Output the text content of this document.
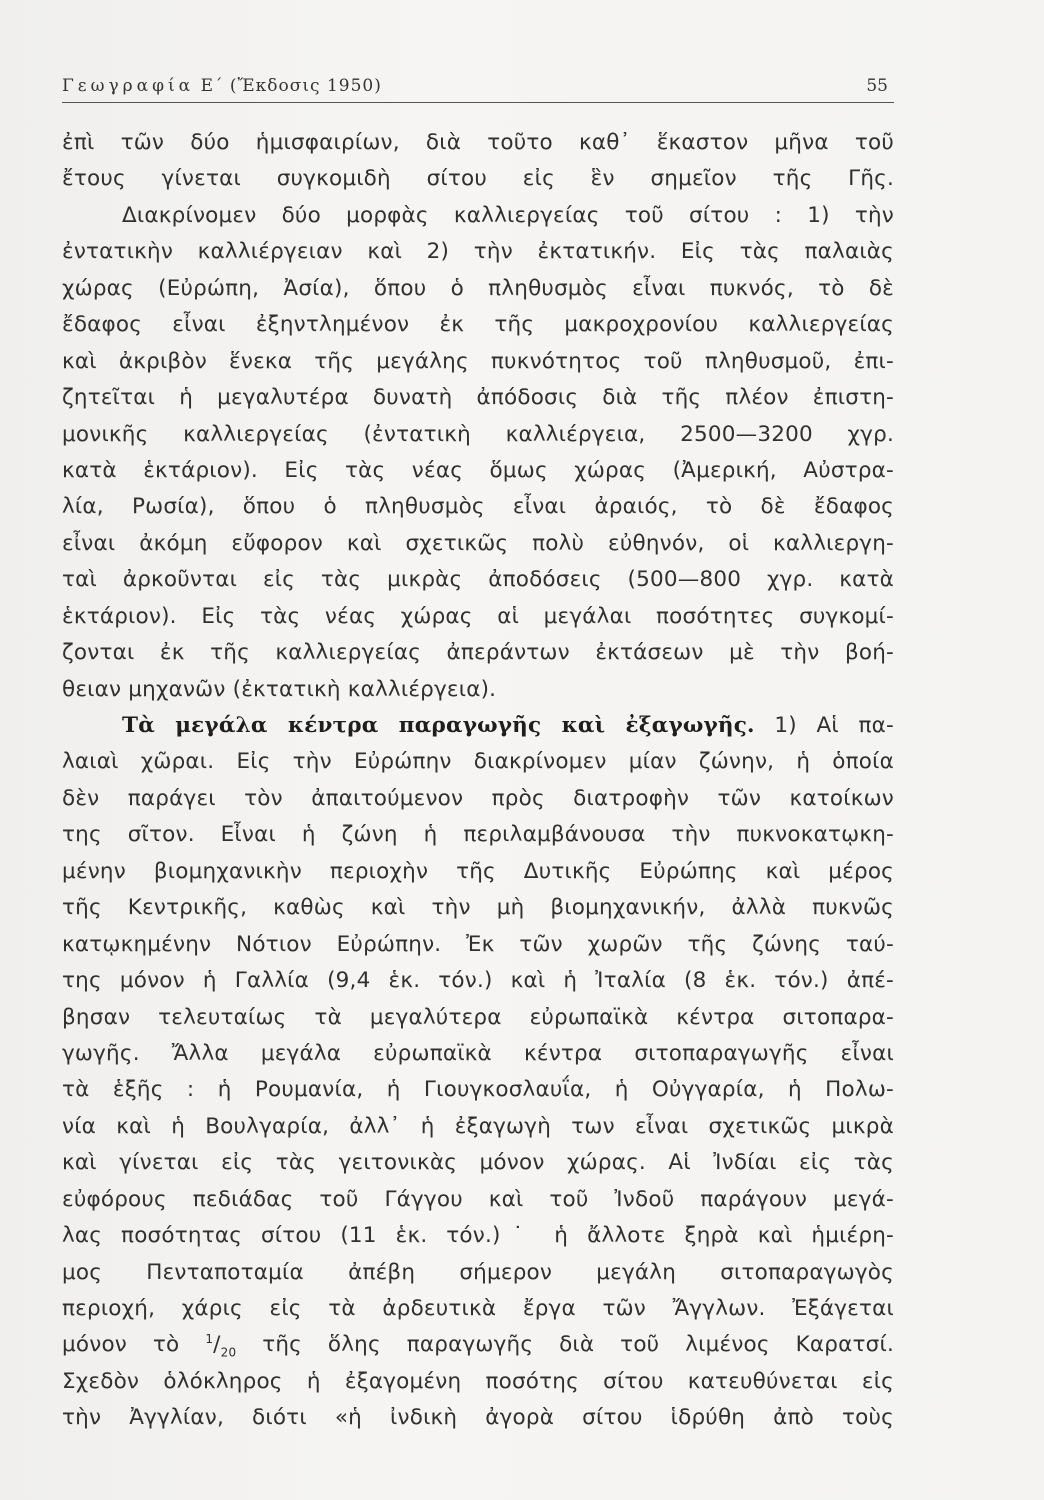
Γεωγραφία Ε΄ (Ἔκδοσις 1950)	55
ἐπὶ τῶν δύο ἡμισφαιρίων, διὰ τοῦτο καθ᾽ ἕκαστον μῆνα τοῦ
ἔτους γίνεται συγκομιδὴ σίτου εἰς ἓν σημεῖον τῆς Γῆς.
Διακρίνομεν δύο μορφὰς καλλιεργείας τοῦ σίτου : 1) τὴν
ἐντατικὴν καλλιέργειαν καὶ 2) τὴν ἐκτατικήν. Εἰς τὰς παλαιὰς
χώρας (Εὐρώπη, Ἀσία), ὅπου ὁ πληθυσμὸς εἶναι πυκνός, τὸ δὲ
ἔδαφος εἶναι ἐξηντλημένον ἐκ τῆς μακροχρονίου καλλιεργείας
καὶ ἀκριβὸν ἕνεκα τῆς μεγάλης πυκνότητος τοῦ πληθυσμοῦ, ἐπι-
ζητεῖται ἡ μεγαλυτέρα δυνατὴ ἀπόδοσις διὰ τῆς πλέον ἐπιστη-
μονικῆς καλλιεργείας (ἐντατικὴ καλλιέργεια, 2500—3200 χγρ.
κατὰ ἑκτάριον). Εἰς τὰς νέας ὅμως χώρας (Ἀμερική, Αὐστρα-
λία, Ρωσία), ὅπου ὁ πληθυσμὸς εἶναι ἀραιός, τὸ δὲ ἔδαφος
εἶναι ἀκόμη εὔφορον καὶ σχετικῶς πολὺ εὐθηνόν, οἱ καλλιεργη-
ταὶ ἀρκοῦνται εἰς τὰς μικρὰς ἀποδόσεις (500—800 χγρ. κατὰ
ἑκτάριον). Εἰς τὰς νέας χώρας αἱ μεγάλαι ποσότητες συγκομί-
ζονται ἐκ τῆς καλλιεργείας ἀπεράντων ἐκτάσεων μὲ τὴν βοή-
θειαν μηχανῶν (ἐκτατικὴ καλλιέργεια).
Τὰ μεγάλα κέντρα παραγωγῆς καὶ ἐξαγωγῆς. 1) Αἱ πα-
λαιαὶ χῶραι. Εἰς τὴν Εὐρώπην διακρίνομεν μίαν ζώνην, ἡ ὁποία
δὲν παράγει τὸν ἀπαιτούμενον πρὸς διατροφὴν τῶν κατοίκων
της σῖτον. Εἶναι ἡ ζώνη ἡ περιλαμβάνουσα τὴν πυκνοκατῳκη-
μένην βιομηχανικὴν περιοχὴν τῆς Δυτικῆς Εὐρώπης καὶ μέρος
τῆς Κεντρικῆς, καθὼς καὶ τὴν μὴ βιομηχανικήν, ἀλλὰ πυκνῶς
κατῳκημένην Νότιον Εὐρώπην. Ἐκ τῶν χωρῶν τῆς ζώνης ταύ-
της μόνον ἡ Γαλλία (9,4 ἑκ. τόν.) καὶ ἡ Ἰταλία (8 ἑκ. τόν.) ἀπέ-
βησαν τελευταίως τὰ μεγαλύτερα εὐρωπαϊκὰ κέντρα σιτοπαρα-
γωγῆς. Ἄλλα μεγάλα εὐρωπαϊκὰ κέντρα σιτοπαραγωγῆς εἶναι
τὰ ἑξῆς : ἡ Ρουμανία, ἡ Γιουγκοσλαυΐα, ἡ Οὐγγαρία, ἡ Πολω-
νία καὶ ἡ Βουλγαρία, ἀλλ᾽ ἡ ἐξαγωγὴ των εἶναι σχετικῶς μικρὰ
καὶ γίνεται εἰς τὰς γειτονικὰς μόνον χώρας. Αἱ Ἰνδίαι εἰς τὰς
εὐφόρους πεδιάδας τοῦ Γάγγου καὶ τοῦ Ἰνδοῦ παράγουν μεγά-
λας ποσότητας σίτου (11 ἑκ. τόν.)˙ ἡ ἄλλοτε ξηρὰ καὶ ἡμιέρη-
μος Πενταποταμία ἀπέβη σήμερον μεγάλη σιτοπαραγωγὸς
περιοχή, χάρις εἰς τὰ ἀρδευτικὰ ἔργα τῶν Ἄγγλων. Ἐξάγεται
μόνον τὸ $^1/_{20}$ τῆς ὅλης παραγωγῆς διὰ τοῦ λιμένος Καρατσί.
Σχεδὸν ὁλόκληρος ἡ ἐξαγομένη ποσότης σίτου κατευθύνεται εἰς
τὴν Ἀγγλίαν, διότι «ἡ ἰνδικὴ ἀγορὰ σίτου ἱδρύθη ἀπὸ τοὺς
